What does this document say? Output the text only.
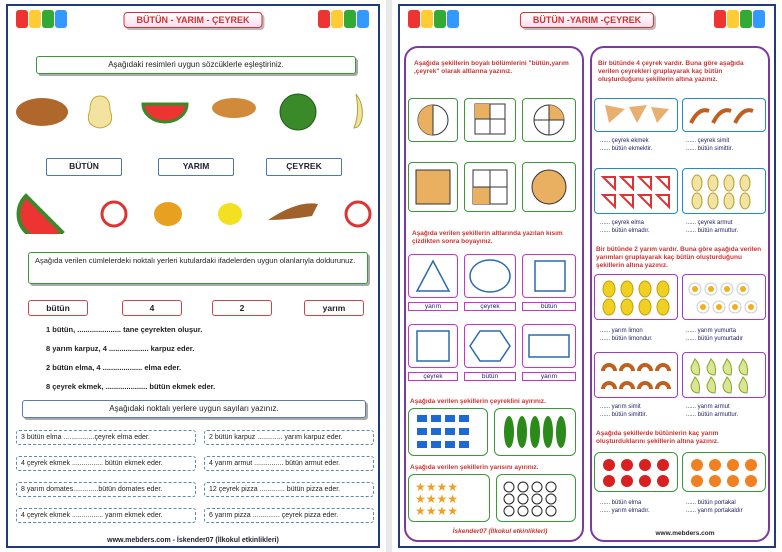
BÜTÜN - YARIM - ÇEYREK
Aşağıdaki resimleri uygun sözcüklerle eşleştiriniz.
BÜTÜN	YARIM	ÇEYREK
Aşağıda verilen cümlelerdeki noktalı yerleri kutulardaki ifadelerden uygun olanlarıyla doldurunuz.
bütün	4	2	yarım
1 bütün, ..................... tane çeyrekten oluşur.
8 yarım karpuz, 4 ................... karpuz eder.
2 bütün elma, 4 ................... elma eder.
8 çeyrek ekmek, .................... bütün ekmek eder.
Aşağıdaki noktalı yerlere uygun sayıları yazınız.
3 bütün elma ................çeyrek elma eder.
4 çeyrek ekmek ................ bütün ekmek eder.
8 yarım domates.............bütün domates eder.
4 çeyrek ekmek ................ yarım ekmek eder.
2 bütün karpuz ............. yarım karpuz eder.
4 yarım armut ............... bütün armut eder.
12 çeyrek pizza ............. bütün pizza eder.
6 yarım pizza .............. çeyrek pizza eder.
www.mebders.com - İskender07 (İlkokul etkinlikleri)
BÜTÜN -YARIM -ÇEYREK
Aşağıda şekillerin boyalı bölümlerini "bütün,yarım ,çeyrek" olarak altlarına yazınız.
Aşağıda verilen şekillerin altlarında yazılan kısım çizdikten sonra boyayınız.
yarım	çeyrek	bütün
çeyrek	bütün	yarım
Aşağıda verilen şekillerin çeyreklini ayırınız.
Aşağıda verilen şekillerin yarısını ayırınız.
★★★★
★★★★
★★★★
İskender07 (İlkokul etkinlikleri)
Bir bütünde 4 çeyrek vardır. Buna göre aşağıda verilen çeyrekleri gruplayarak kaç bütün oluşturduğunu şekillerin altına yazınız.
...... çeyrek ekmek
...... bütün ekmektir.
...... çeyrek simit
...... bütün simittir.
...... çeyrek elma
...... bütün elmadır.
...... çeyrek armut
...... bütün armuttur.
Bir bütünde 2 yarım vardır. Buna göre aşağıda verilen yarımları gruplayarak kaç bütün oluşturduğunu şekillerin altına yazınız.
...... yarım limon
...... bütün limondur.
...... yarım yumurta
...... bütün yumurtadır
...... yarım simit
...... bütün simittir.
...... yarım armut
...... bütün armuttur.
Aşağıda şekillerde bütünlerin kaç yarım oluşturduklarını şekillerin altına yazınız.
...... bütün elma
...... yarım elmadır.
...... bütün portakal
...... yarım portakaldır
www.mebders.com
